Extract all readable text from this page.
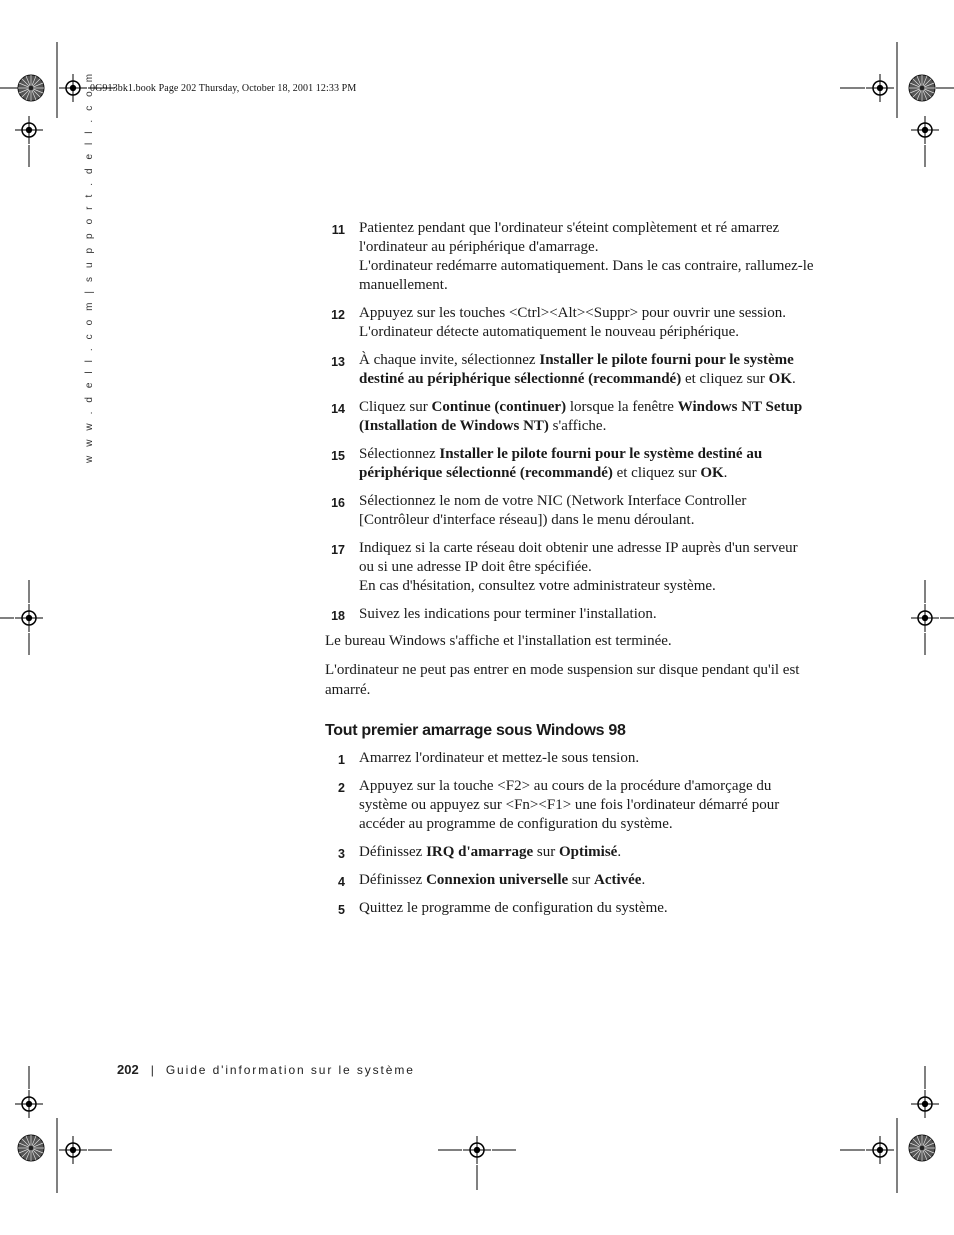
0G913bk1.book Page 202 Thursday, October 18, 2001 12:33 PM
w w w . d e l l . c o m | s u p p o r t . d e l l . c o m	11 Patientez pendant que l'ordinateur s'éteint complètement et ré amarrez l'ordinateur au périphérique d'amarrage.

L'ordinateur redémarre automatiquement. Dans le cas contraire, rallumez-le manuellement.

12 Appuyez sur les touches <Ctrl><Alt><Suppr> pour ouvrir une session.

L'ordinateur détecte automatiquement le nouveau périphérique.

13 À chaque invite, sélectionnez Installer le pilote fourni pour le système destiné au périphérique sélectionné (recommandé) et cliquez sur OK.

14 Cliquez sur Continue (continuer) lorsque la fenêtre Windows NT Setup (Installation de Windows NT) s'affiche.

15 Sélectionnez Installer le pilote fourni pour le système destiné au périphérique sélectionné (recommandé) et cliquez sur OK.

16 Sélectionnez le nom de votre NIC (Network Interface Controller [Contrôleur d'interface réseau]) dans le menu déroulant.

17 Indiquez si la carte réseau doit obtenir une adresse IP auprès d'un serveur ou si une adresse IP doit être spécifiée.

En cas d'hésitation, consultez votre administrateur système.

18 Suivez les indications pour terminer l'installation.

Le bureau Windows s'affiche et l'installation est terminée.

L'ordinateur ne peut pas entrer en mode suspension sur disque pendant qu'il est amarré.

Tout premier amarrage sous Windows 98
1 Amarrez l'ordinateur et mettez-le sous tension.

2 Appuyez sur la touche <F2> au cours de la procédure d'amorçage du système ou appuyez sur <Fn><F1> une fois l'ordinateur démarré pour accéder au programme de configuration du système.

3 Définissez IRQ d'amarrage sur Optimisé.

4 Définissez Connexion universelle sur Activée.

5 Quittez le programme de configuration du système.

202 | Guide d'information sur le système
